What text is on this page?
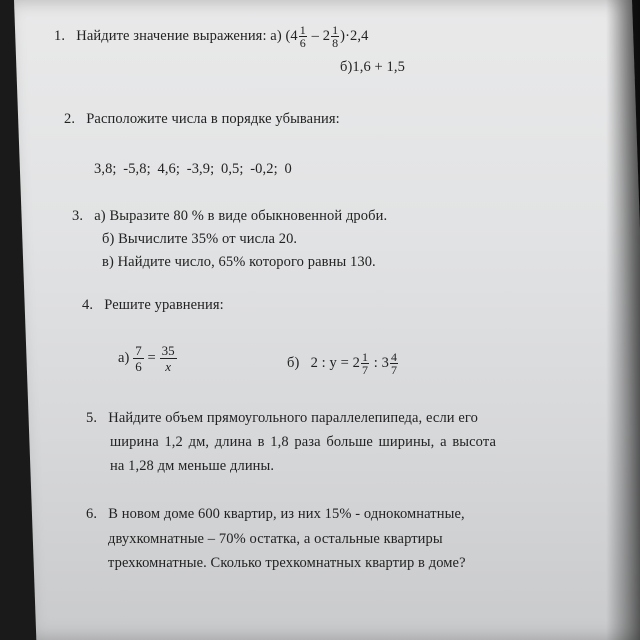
1. Найдите значение выражения: а) $(4 \frac{1}{6} - 2 \frac{1}{8} )\cdot 2,4$
б)1,6 + 1,5
2. Расположите числа в порядке убывания:
3,8; -5,8; 4,6; -3,9; 0,5; -0,2; 0
3. а) Выразите 80 % в виде обыкновенной дроби.
б) Вычислите 35% от числа 20.
в) Найдите число, 65% которого равны 130.
4. Решите уравнения:
$а) \frac{7}{6} = \frac{35}{x}$	б) 2 : $y = 2 \frac{1}{7}$ : $3 \frac{4}{7}$
5. Найдите объем прямоугольного параллелепипеда, если его
ширина 1,2 дм, длина в 1,8 раза больше ширины, а высота
на 1,28 дм меньше длины.
6. В новом доме 600 квартир, из них 15% - однокомнатные,
двухкомнатные – 70% остатка, а остальные квартиры
трехкомнатные. Сколько трехкомнатных квартир в доме?
